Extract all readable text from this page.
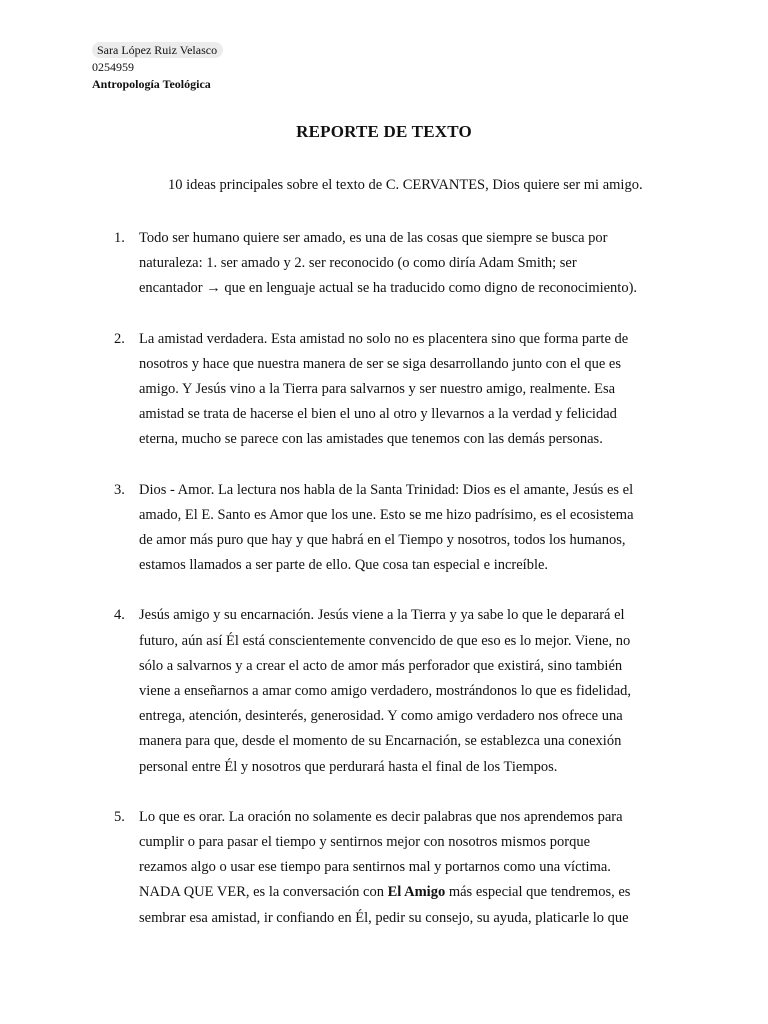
Sara López Ruiz Velasco
0254959
Antropología Teológica
REPORTE DE TEXTO
10 ideas principales sobre el texto de C. CERVANTES, Dios quiere ser mi amigo.
1. Todo ser humano quiere ser amado, es una de las cosas que siempre se busca por

naturaleza: 1. ser amado y 2. ser reconocido (o como diría Adam Smith; ser

encantador → que en lenguaje actual se ha traducido como digno de reconocimiento).

2. La amistad verdadera. Esta amistad no solo no es placentera sino que forma parte de

nosotros y hace que nuestra manera de ser se siga desarrollando junto con el que es

amigo. Y Jesús vino a la Tierra para salvarnos y ser nuestro amigo, realmente. Esa

amistad se trata de hacerse el bien el uno al otro y llevarnos a la verdad y felicidad

eterna, mucho se parece con las amistades que tenemos con las demás personas.

3. Dios - Amor. La lectura nos habla de la Santa Trinidad: Dios es el amante, Jesús es el

amado, El E. Santo es Amor que los une. Esto se me hizo padrísimo, es el ecosistema

de amor más puro que hay y que habrá en el Tiempo y nosotros, todos los humanos,

estamos llamados a ser parte de ello. Que cosa tan especial e increíble.

4. Jesús amigo y su encarnación. Jesús viene a la Tierra y ya sabe lo que le deparará el

futuro, aún así Él está conscientemente convencido de que eso es lo mejor. Viene, no

sólo a salvarnos y a crear el acto de amor más perforador que existirá, sino también

viene a enseñarnos a amar como amigo verdadero, mostrándonos lo que es fidelidad,

entrega, atención, desinterés, generosidad. Y como amigo verdadero nos ofrece una

manera para que, desde el momento de su Encarnación, se establezca una conexión

personal entre Él y nosotros que perdurará hasta el final de los Tiempos.

5. Lo que es orar. La oración no solamente es decir palabras que nos aprendemos para

cumplir o para pasar el tiempo y sentirnos mejor con nosotros mismos porque

rezamos algo o usar ese tiempo para sentirnos mal y portarnos como una víctima.

NADA QUE VER, es la conversación con El Amigo más especial que tendremos, es

sembrar esa amistad, ir confiando en Él, pedir su consejo, su ayuda, platicarle lo que
